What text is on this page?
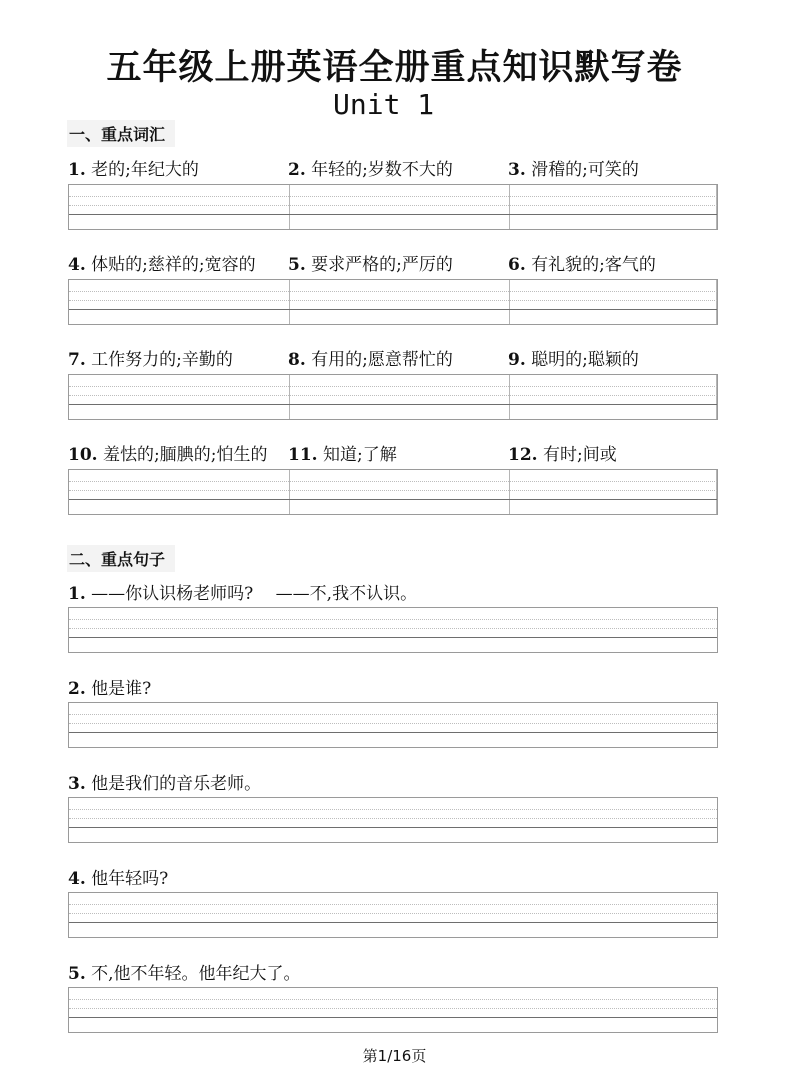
五年级上册英语全册重点知识默写卷
Unit 1
一、重点词汇
1. 老的;年纪大的	2. 年轻的;岁数不大的	3. 滑稽的;可笑的
4. 体贴的;慈祥的;宽容的 5. 要求严格的;严厉的	6. 有礼貌的;客气的
7. 工作努力的;辛勤的	8. 有用的;愿意帮忙的	9. 聪明的;聪颖的
10. 羞怯的;腼腆的;怕生的 11. 知道;了解	12. 有时;间或
二、重点句子
1. ——你认识杨老师吗?　 ——不,我不认识。
2. 他是谁?
3. 他是我们的音乐老师。
4. 他年轻吗?
5. 不,他不年轻。他年纪大了。
第1/16页
